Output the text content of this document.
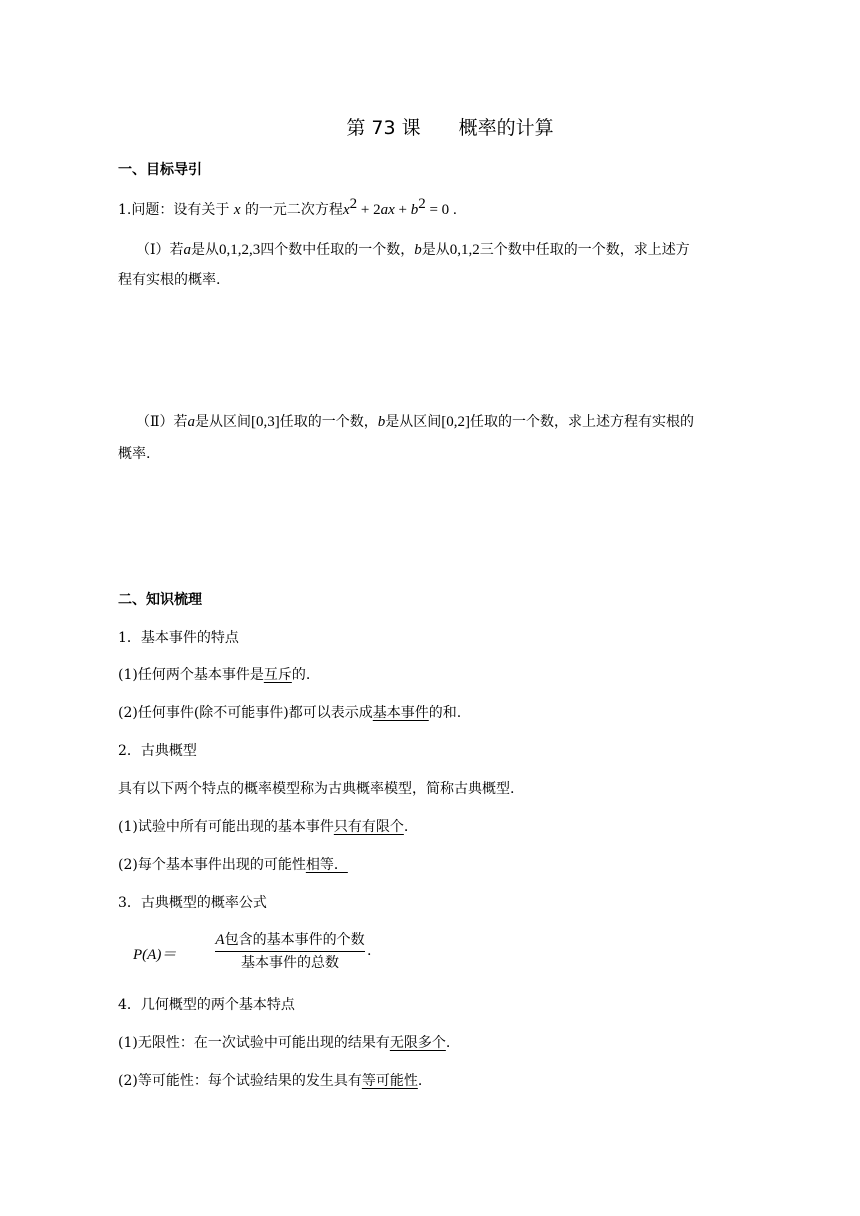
第 73 课 概率的计算
一、目标导引
1.问题：设有关于 x 的一元二次方程$x^2 + 2ax + b^2 = 0$ .
（Ⅰ）若a是从0,1,2,3四个数中任取的一个数，b是从0,1,2三个数中任取的一个数，求上述方
程有实根的概率.
（Ⅱ）若a是从区间[0,3]任取的一个数，b是从区间[0,2]任取的一个数，求上述方程有实根的
概率.
二、知识梳理
1．基本事件的特点
(1)任何两个基本事件是互斥的.
(2)任何事件(除不可能事件)都可以表示成基本事件的和.
2．古典概型
具有以下两个特点的概率模型称为古典概率模型，简称古典概型.
(1)试验中所有可能出现的基本事件只有有限个.
(2)每个基本事件出现的可能性相等．
3．古典概型的概率公式
P(A)＝
A包含的基本事件的个数
基本事件的总数
.
4．几何概型的两个基本特点
(1)无限性：在一次试验中可能出现的结果有无限多个.
(2)等可能性：每个试验结果的发生具有等可能性.
